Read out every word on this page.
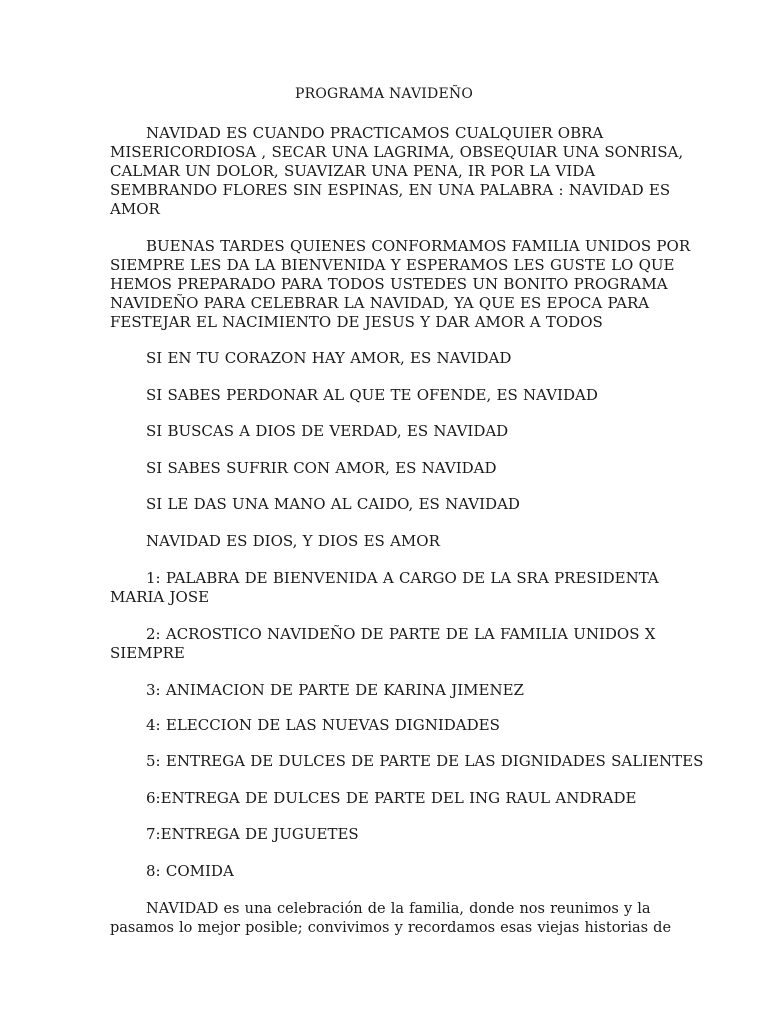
PROGRAMA NAVIDEÑO
NAVIDAD ES CUANDO PRACTICAMOS CUALQUIER OBRA
MISERICORDIOSA , SECAR UNA LAGRIMA, OBSEQUIAR UNA SONRISA,
CALMAR UN DOLOR, SUAVIZAR UNA PENA, IR POR LA VIDA
SEMBRANDO FLORES SIN ESPINAS, EN UNA PALABRA : NAVIDAD ES
AMOR
BUENAS TARDES QUIENES CONFORMAMOS FAMILIA UNIDOS POR
SIEMPRE LES DA LA BIENVENIDA Y ESPERAMOS LES GUSTE LO QUE
HEMOS PREPARADO PARA TODOS USTEDES UN BONITO PROGRAMA
NAVIDEÑO PARA CELEBRAR LA NAVIDAD, YA QUE ES EPOCA PARA
FESTEJAR EL NACIMIENTO DE JESUS Y DAR AMOR A TODOS
SI EN TU CORAZON HAY AMOR, ES NAVIDAD
SI SABES PERDONAR AL QUE TE OFENDE, ES NAVIDAD
SI BUSCAS A DIOS DE VERDAD, ES NAVIDAD
SI SABES SUFRIR CON AMOR, ES NAVIDAD
SI LE DAS UNA MANO AL CAIDO, ES NAVIDAD
NAVIDAD ES DIOS, Y DIOS ES AMOR
1: PALABRA DE BIENVENIDA A CARGO DE LA SRA PRESIDENTA
MARIA JOSE
2: ACROSTICO NAVIDEÑO DE PARTE DE LA FAMILIA UNIDOS X
SIEMPRE
3: ANIMACION DE PARTE DE KARINA JIMENEZ
4: ELECCION DE LAS NUEVAS DIGNIDADES
5: ENTREGA DE DULCES DE PARTE DE LAS DIGNIDADES SALIENTES
6:ENTREGA DE DULCES DE PARTE DEL ING RAUL ANDRADE
7:ENTREGA DE JUGUETES
8: COMIDA
NAVIDAD es una celebración de la familia, donde nos reunimos y la
pasamos lo mejor posible; convivimos y recordamos esas viejas historias de
